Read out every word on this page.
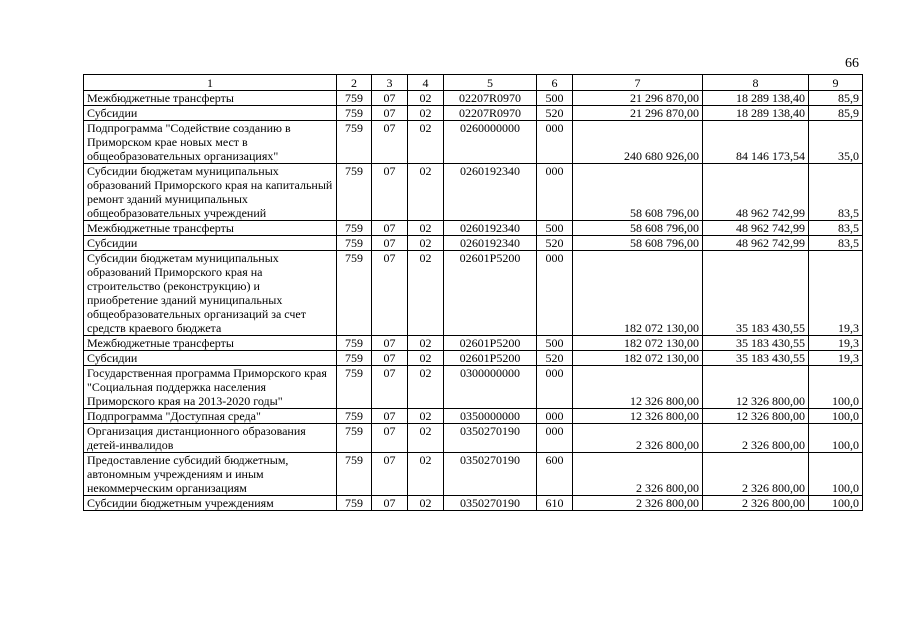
66
1	2	3	4	5	6	7	8	9
Межбюджетные трансферты	759	07	02	02207R0970	500	21 296 870,00	18 289 138,40	85,9
Субсидии	759	07	02	02207R0970	520	21 296 870,00	18 289 138,40	85,9
Подпрограмма "Содействие созданию в Приморском крае новых мест в общеобразовательных организациях"	759	07	02	0260000000	000	240 680 926,00	84 146 173,54	35,0
Субсидии бюджетам муниципальных образований Приморского края на капитальный ремонт зданий муниципальных общеобразовательных учреждений	759	07	02	0260192340	000	58 608 796,00	48 962 742,99	83,5
Межбюджетные трансферты	759	07	02	0260192340	500	58 608 796,00	48 962 742,99	83,5
Субсидии	759	07	02	0260192340	520	58 608 796,00	48 962 742,99	83,5
Субсидии бюджетам муниципальных образований Приморского края на строительство (реконструкцию) и приобретение зданий муниципальных общеобразовательных организаций за счет средств краевого бюджета	759	07	02	02601P5200	000	182 072 130,00	35 183 430,55	19,3
Межбюджетные трансферты	759	07	02	02601P5200	500	182 072 130,00	35 183 430,55	19,3
Субсидии	759	07	02	02601P5200	520	182 072 130,00	35 183 430,55	19,3
Государственная программа Приморского края "Социальная поддержка населения Приморского края на 2013-2020 годы"	759	07	02	0300000000	000	12 326 800,00	12 326 800,00	100,0
Подпрограмма "Доступная среда"	759	07	02	0350000000	000	12 326 800,00	12 326 800,00	100,0
Организация дистанционного образования детей-инвалидов	759	07	02	0350270190	000	2 326 800,00	2 326 800,00	100,0
Предоставление субсидий бюджетным, автономным учреждениям и иным некоммерческим организациям	759	07	02	0350270190	600	2 326 800,00	2 326 800,00	100,0
Субсидии бюджетным учреждениям	759	07	02	0350270190	610	2 326 800,00	2 326 800,00	100,0
